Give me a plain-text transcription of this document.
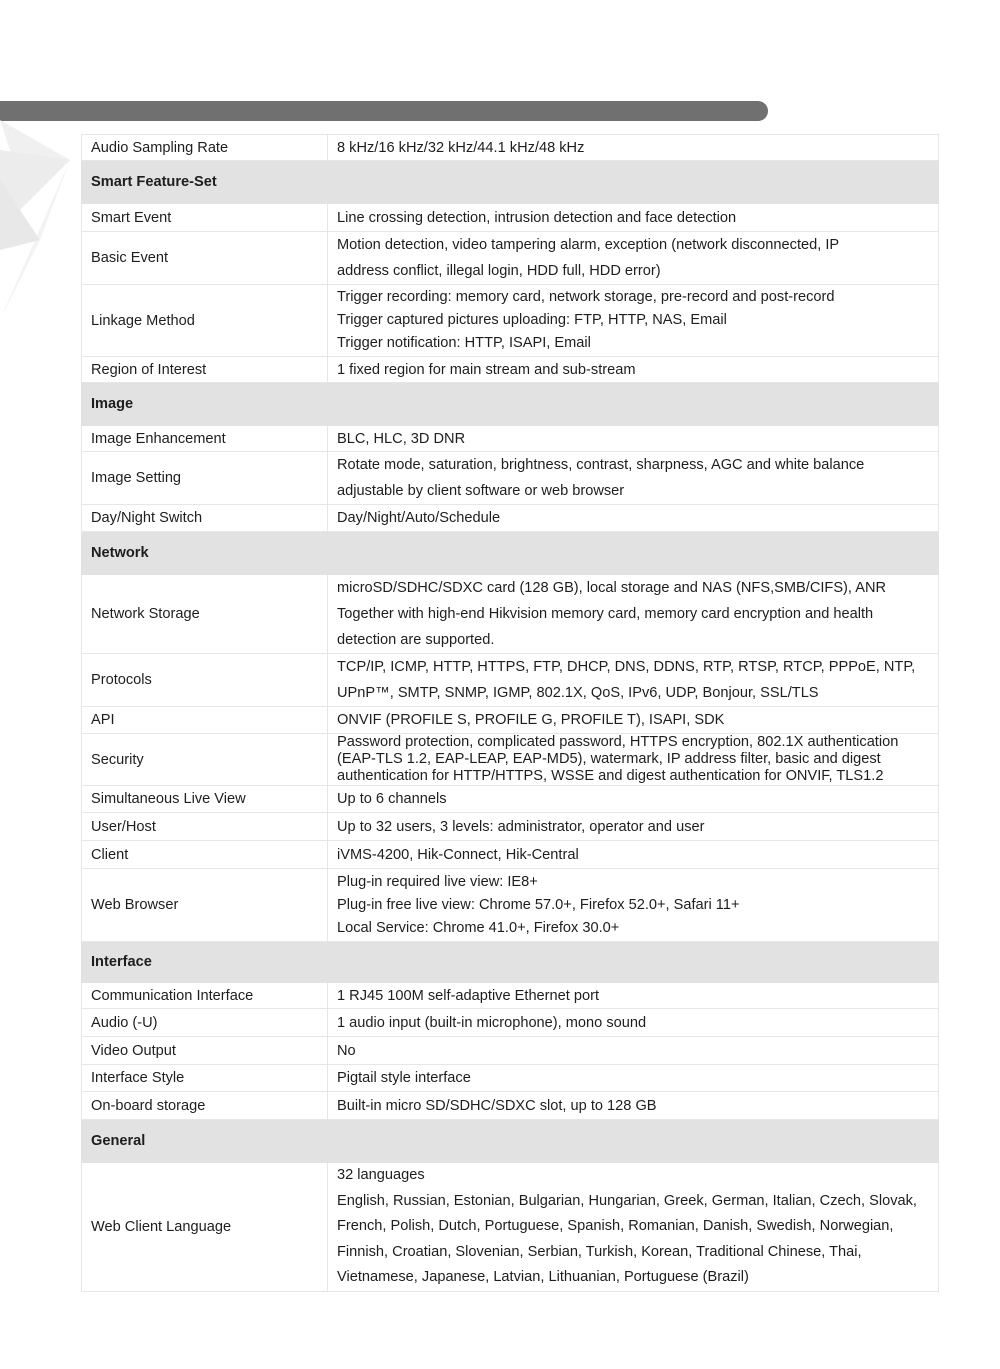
Audio Sampling Rate	8 kHz/16 kHz/32 kHz/44.1 kHz/48 kHz

Smart Feature-Set	
Smart Event	Line crossing detection, intrusion detection and face detection

Basic Event	Motion detection, video tampering alarm, exception (network disconnected, IP
address conflict, illegal login, HDD full, HDD error)

Linkage Method	Trigger recording: memory card, network storage, pre-record and post-record
Trigger captured pictures uploading: FTP, HTTP, NAS, Email
Trigger notification: HTTP, ISAPI, Email

Region of Interest	1 fixed region for main stream and sub-stream

Image	
Image Enhancement	BLC, HLC, 3D DNR

Image Setting	Rotate mode, saturation, brightness, contrast, sharpness, AGC and white balance
adjustable by client software or web browser

Day/Night Switch	Day/Night/Auto/Schedule

Network	
Network Storage	microSD/SDHC/SDXC card (128 GB), local storage and NAS (NFS,SMB/CIFS), ANR
Together with high-end Hikvision memory card, memory card encryption and health
detection are supported.

Protocols	TCP/IP, ICMP, HTTP, HTTPS, FTP, DHCP, DNS, DDNS, RTP, RTSP, RTCP, PPPoE, NTP,
UPnP™, SMTP, SNMP, IGMP, 802.1X, QoS, IPv6, UDP, Bonjour, SSL/TLS

API	ONVIF (PROFILE S, PROFILE G, PROFILE T), ISAPI, SDK

Security	Password protection, complicated password, HTTPS encryption, 802.1X authentication
(EAP-TLS 1.2, EAP-LEAP, EAP-MD5), watermark, IP address filter, basic and digest
authentication for HTTP/HTTPS, WSSE and digest authentication for ONVIF, TLS1.2

Simultaneous Live View	Up to 6 channels

User/Host	Up to 32 users, 3 levels: administrator, operator and user

Client	iVMS-4200, Hik-Connect, Hik-Central

Web Browser	Plug-in required live view: IE8+
Plug-in free live view: Chrome 57.0+, Firefox 52.0+, Safari 11+
Local Service: Chrome 41.0+, Firefox 30.0+

Interface	
Communication Interface	1 RJ45 100M self-adaptive Ethernet port

Audio (-U)	1 audio input (built-in microphone), mono sound

Video Output	No

Interface Style	Pigtail style interface

On-board storage	Built-in micro SD/SDHC/SDXC slot, up to 128 GB

General	
Web Client Language	32 languages
English, Russian, Estonian, Bulgarian, Hungarian, Greek, German, Italian, Czech, Slovak,
French, Polish, Dutch, Portuguese, Spanish, Romanian, Danish, Swedish, Norwegian,
Finnish, Croatian, Slovenian, Serbian, Turkish, Korean, Traditional Chinese, Thai,
Vietnamese, Japanese, Latvian, Lithuanian, Portuguese (Brazil)
